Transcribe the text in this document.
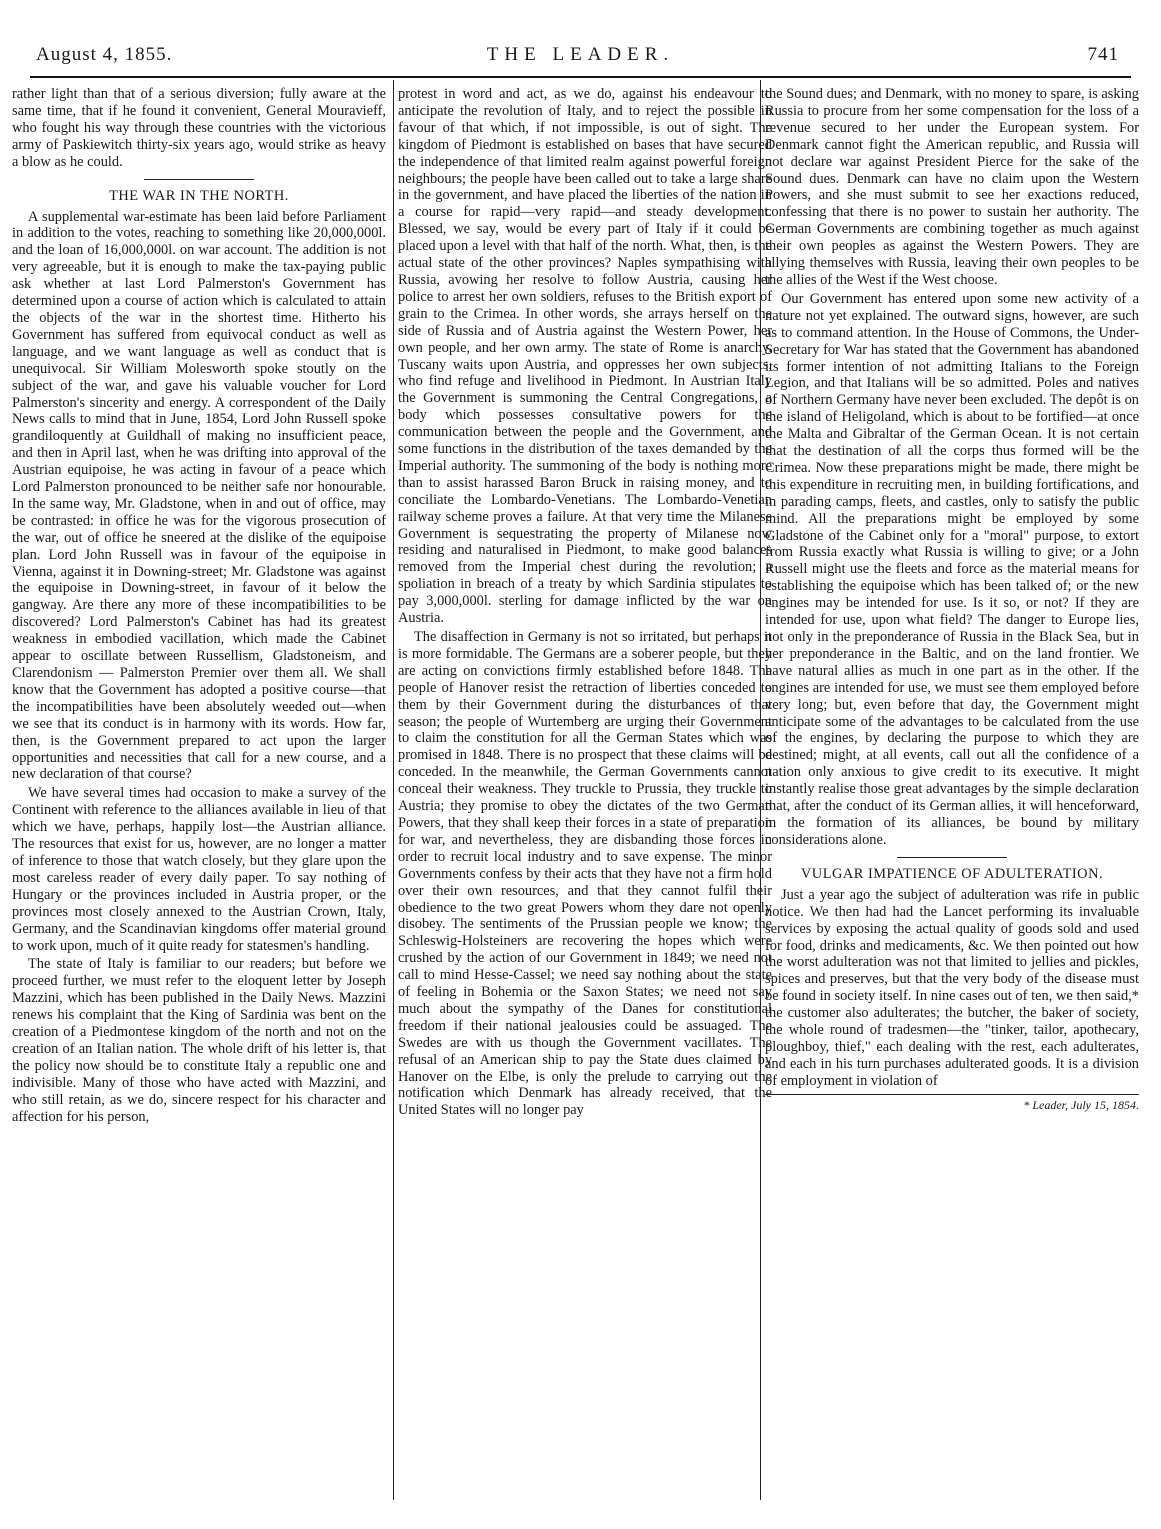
August 4, 1855.	THE LEADER.	741

rather light than that of a serious diversion; fully aware at the same time, that if he found it convenient, General Mouravieff, who fought his way through these countries with the victorious army of Paskiewitch thirty-six years ago, would strike as heavy a blow as he could.

THE WAR IN THE NORTH.

A supplemental war-estimate has been laid before Parliament in addition to the votes, reaching to something like 20,000,000l. and the loan of 16,000,000l. on war account. The addition is not very agreeable, but it is enough to make the tax-paying public ask whether at last Lord Palmerston's Government has determined upon a course of action which is calculated to attain the objects of the war in the shortest time. Hitherto his Government has suffered from equivocal conduct as well as language, and we want language as well as conduct that is unequivocal. Sir William Molesworth spoke stoutly on the subject of the war, and gave his valuable voucher for Lord Palmerston's sincerity and energy. A correspondent of the Daily News calls to mind that in June, 1854, Lord John Russell spoke grandiloquently at Guildhall of making no insufficient peace, and then in April last, when he was drifting into approval of the Austrian equipoise, he was acting in favour of a peace which Lord Palmerston pronounced to be neither safe nor honourable. In the same way, Mr. Gladstone, when in and out of office, may be contrasted: in office he was for the vigorous prosecution of the war, out of office he sneered at the dislike of the equipoise plan. Lord John Russell was in favour of the equipoise in Vienna, against it in Downing-street; Mr. Gladstone was against the equipoise in Downing-street, in favour of it below the gangway. Are there any more of these incompatibilities to be discovered? Lord Palmerston's Cabinet has had its greatest weakness in embodied vacillation, which made the Cabinet appear to oscillate between Russellism, Gladstoneism, and Clarendonism — Palmerston Premier over them all. We shall know that the Government has adopted a positive course—that the incompatibilities have been absolutely weeded out—when we see that its conduct is in harmony with its words. How far, then, is the Government prepared to act upon the larger opportunities and necessities that call for a new course, and a new declaration of that course?

We have several times had occasion to make a survey of the Continent with reference to the alliances available in lieu of that which we have, perhaps, happily lost—the Austrian alliance. The resources that exist for us, however, are no longer a matter of inference to those that watch closely, but they glare upon the most careless reader of every daily paper. To say nothing of Hungary or the provinces included in Austria proper, or the provinces most closely annexed to the Austrian Crown, Italy, Germany, and the Scandinavian kingdoms offer material ground to work upon, much of it quite ready for statesmen's handling.

The state of Italy is familiar to our readers; but before we proceed further, we must refer to the eloquent letter by Joseph Mazzini, which has been published in the Daily News. Mazzini renews his complaint that the King of Sardinia was bent on the creation of a Piedmontese kingdom of the north and not on the creation of an Italian nation. The whole drift of his letter is, that the policy now should be to constitute Italy a republic one and indivisible. Many of those who have acted with Mazzini, and who still retain, as we do, sincere respect for his character and affection for his person,

protest in word and act, as we do, against his endeavour to anticipate the revolution of Italy, and to reject the possible in favour of that which, if not impossible, is out of sight. The kingdom of Piedmont is established on bases that have secured the independence of that limited realm against powerful foreign neighbours; the people have been called out to take a large share in the government, and have placed the liberties of the nation in a course for rapid—very rapid—and steady development. Blessed, we say, would be every part of Italy if it could be placed upon a level with that half of the north. What, then, is the actual state of the other provinces? Naples sympathising with Russia, avowing her resolve to follow Austria, causing her police to arrest her own soldiers, refuses to the British export of grain to the Crimea. In other words, she arrays herself on the side of Russia and of Austria against the Western Power, her own people, and her own army. The state of Rome is anarchy. Tuscany waits upon Austria, and oppresses her own subjects, who find refuge and livelihood in Piedmont. In Austrian Italy the Government is summoning the Central Congregations, a body which possesses consultative powers for the communication between the people and the Government, and some functions in the distribution of the taxes demanded by the Imperial authority. The summoning of the body is nothing more than to assist harassed Baron Bruck in raising money, and to conciliate the Lombardo-Venetians. The Lombardo-Venetian railway scheme proves a failure. At that very time the Milanese Government is sequestrating the property of Milanese now residing and naturalised in Piedmont, to make good balances removed from the Imperial chest during the revolution; a spoliation in breach of a treaty by which Sardinia stipulates to pay 3,000,000l. sterling for damage inflicted by the war on Austria.

The disaffection in Germany is not so irritated, but perhaps it is more formidable. The Germans are a soberer people, but they are acting on convictions firmly established before 1848. The people of Hanover resist the retraction of liberties conceded to them by their Government during the disturbances of that season; the people of Wurtemberg are urging their Government to claim the constitution for all the German States which was promised in 1848. There is no prospect that these claims will be conceded. In the meanwhile, the German Governments cannot conceal their weakness. They truckle to Prussia, they truckle to Austria; they promise to obey the dictates of the two German Powers, that they shall keep their forces in a state of preparation for war, and nevertheless, they are disbanding those forces in order to recruit local industry and to save expense. The minor Governments confess by their acts that they have not a firm hold over their own resources, and that they cannot fulfil their obedience to the two great Powers whom they dare not openly disobey. The sentiments of the Prussian people we know; the Schleswig-Holsteiners are recovering the hopes which were crushed by the action of our Government in 1849; we need not call to mind Hesse-Cassel; we need say nothing about the state of feeling in Bohemia or the Saxon States; we need not say much about the sympathy of the Danes for constitutional freedom if their national jealousies could be assuaged. The Swedes are with us though the Government vacillates. The refusal of an American ship to pay the State dues claimed by Hanover on the Elbe, is only the prelude to carrying out the notification which Denmark has already received, that the United States will no longer pay

the Sound dues; and Denmark, with no money to spare, is asking Russia to procure from her some compensation for the loss of a revenue secured to her under the European system. For Denmark cannot fight the American republic, and Russia will not declare war against President Pierce for the sake of the Sound dues. Denmark can have no claim upon the Western Powers, and she must submit to see her exactions reduced, confessing that there is no power to sustain her authority. The German Governments are combining together as much against their own peoples as against the Western Powers. They are allying themselves with Russia, leaving their own peoples to be the allies of the West if the West choose.

Our Government has entered upon some new activity of a nature not yet explained. The outward signs, however, are such as to command attention. In the House of Commons, the Under-Secretary for War has stated that the Government has abandoned its former intention of not admitting Italians to the Foreign Legion, and that Italians will be so admitted. Poles and natives of Northern Germany have never been excluded. The depôt is on the island of Heligoland, which is about to be fortified—at once the Malta and Gibraltar of the German Ocean. It is not certain that the destination of all the corps thus formed will be the Crimea. Now these preparations might be made, there might be this expenditure in recruiting men, in building fortifications, and in parading camps, fleets, and castles, only to satisfy the public mind. All the preparations might be employed by some Gladstone of the Cabinet only for a "moral" purpose, to extort from Russia exactly what Russia is willing to give; or a John Russell might use the fleets and force as the material means for establishing the equipoise which has been talked of; or the new engines may be intended for use. Is it so, or not? If they are intended for use, upon what field? The danger to Europe lies, not only in the preponderance of Russia in the Black Sea, but in her preponderance in the Baltic, and on the land frontier. We have natural allies as much in one part as in the other. If the engines are intended for use, we must see them employed before very long; but, even before that day, the Government might anticipate some of the advantages to be calculated from the use of the engines, by declaring the purpose to which they are destined; might, at all events, call out all the confidence of a nation only anxious to give credit to its executive. It might instantly realise those great advantages by the simple declaration that, after the conduct of its German allies, it will henceforward, in the formation of its alliances, be bound by military considerations alone.

VULGAR IMPATIENCE OF ADULTERATION.

Just a year ago the subject of adulteration was rife in public notice. We then had had the Lancet performing its invaluable services by exposing the actual quality of goods sold and used for food, drinks and medicaments, &c. We then pointed out how the worst adulteration was not that limited to jellies and pickles, spices and preserves, but that the very body of the disease must be found in society itself. In nine cases out of ten, we then said,* the customer also adulterates; the butcher, the baker of society, the whole round of tradesmen—the "tinker, tailor, apothecary, ploughboy, thief," each dealing with the rest, each adulterates, and each in his turn purchases adulterated goods. It is a division of employment in violation of

* Leader, July 15, 1854.
